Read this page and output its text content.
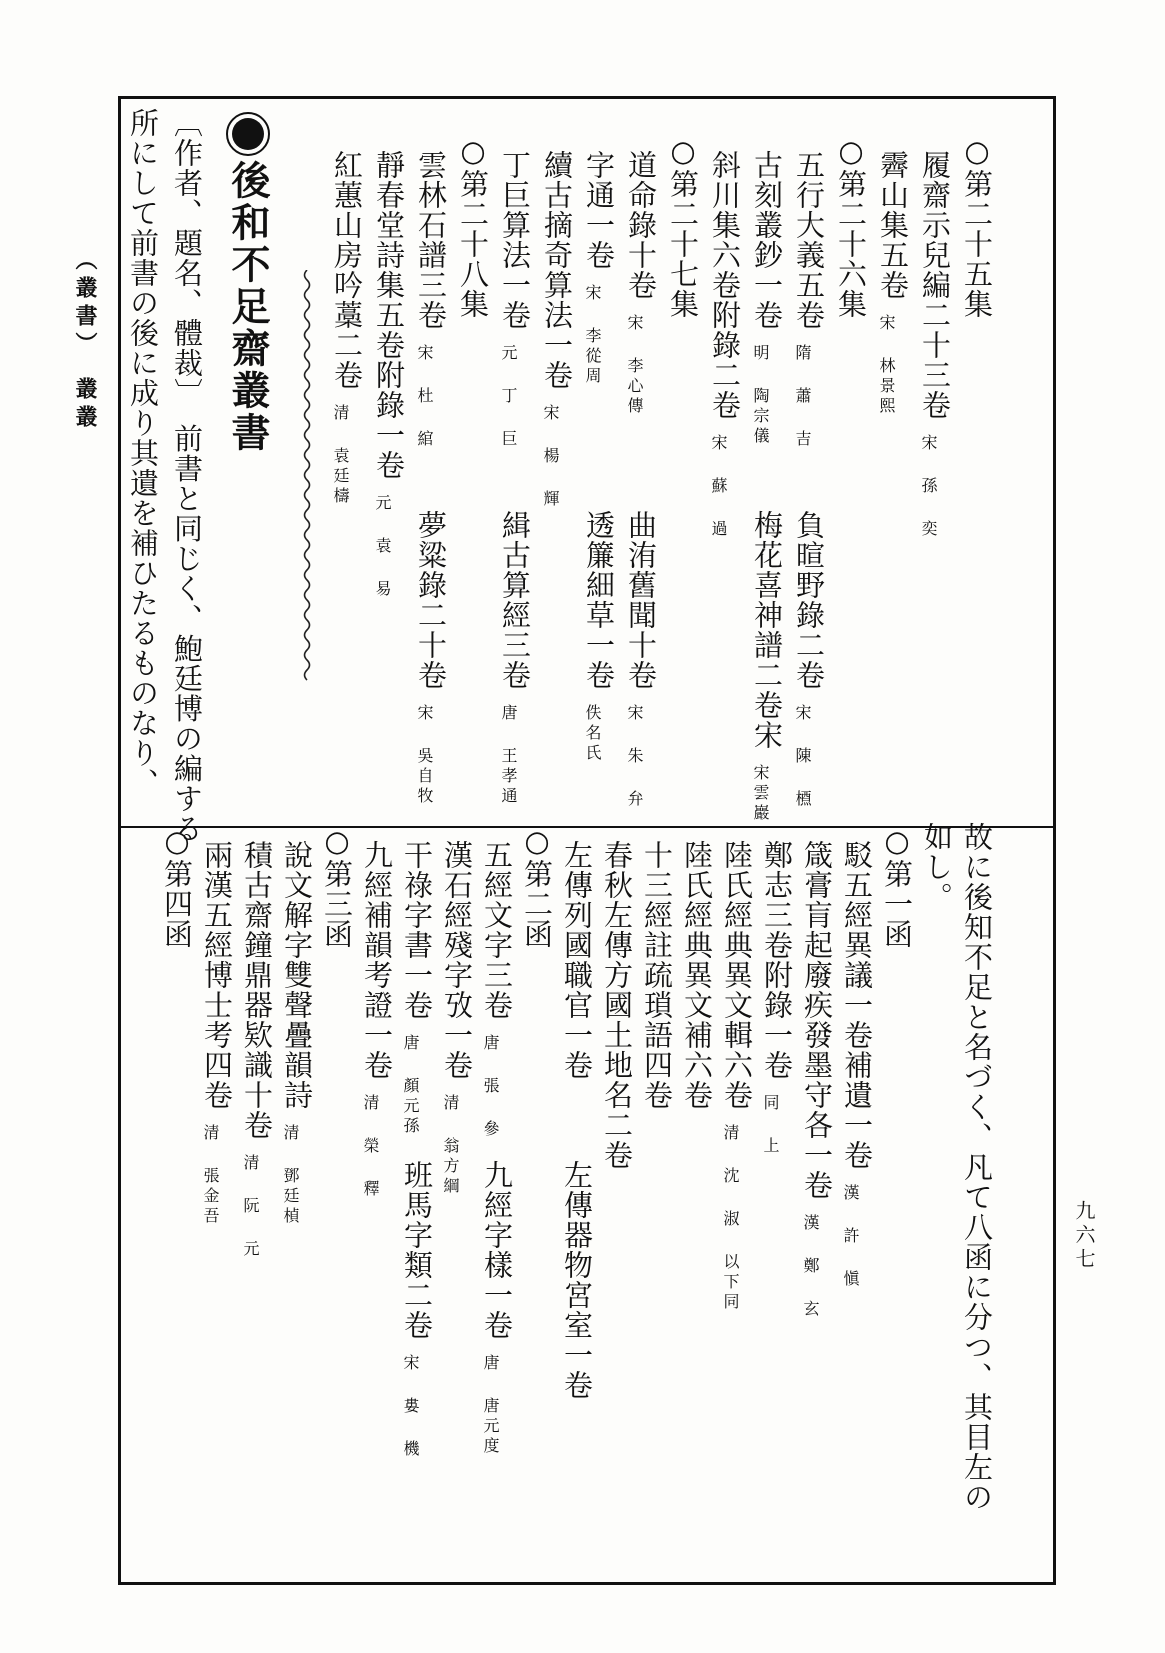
（叢書）　叢叢
九六七
○第二十五集
履齋示兒編二十三卷
宋 孫 奕
霽山集五卷
宋 林景熙
○第二十六集
五行大義五卷
隋 蕭 吉
負暄野錄二卷
宋 陳 槱
古刻叢鈔一卷
明 陶宗儀
梅花喜神譜二卷宋
宋雲巖
斜川集六卷附錄二卷
宋 蘇 過
○第二十七集
道命錄十卷
宋 李心傳
曲洧舊聞十卷
宋 朱 弁
字通一卷
宋 李從周
透簾細草一卷
佚名氏
續古摘奇算法一卷
宋 楊 輝
丁巨算法一卷
元 丁 巨
緝古算經三卷
唐 王孝通
○第二十八集
雲林石譜三卷
宋 杜 綰
夢粱錄二十卷
宋 吳自牧
靜春堂詩集五卷附錄一卷
元 袁 易
紅蕙山房吟藁二卷
清 袁廷檮
後和不足齋叢書
〔作者、題名、體裁〕　前書と同じく、鮑廷博の編する
所にして前書の後に成り其遺を補ひたるものなり、
故に後知不足と名づく、凡て八函に分つ、其目左の
如し。
○第一函
駁五經異議一卷補遺一卷
漢 許 愼
箴膏肓起廢疾發墨守各一卷
漢 鄭 玄
鄭志三卷附錄一卷
同 上
陸氏經典異文輯六卷
清 沈 淑 以下同
陸氏經典異文補六卷
十三經註疏瑣語四卷
春秋左傳方國土地名二卷
左傳列國職官一卷
左傳器物宮室一卷
○第二函
五經文字三卷
唐 張 參
九經字樣一卷
唐 唐元度
漢石經殘字攷一卷
清 翁方綱
干祿字書一卷
唐 顏元孫
班馬字類二卷
宋 婁 機
九經補韻考證一卷
清 榮 釋
○第三函
說文解字雙聲疊韻詩
清 鄧廷楨
積古齋鐘鼎器欵識十卷
清 阮 元
兩漢五經博士考四卷
清 張金吾
○第四函
